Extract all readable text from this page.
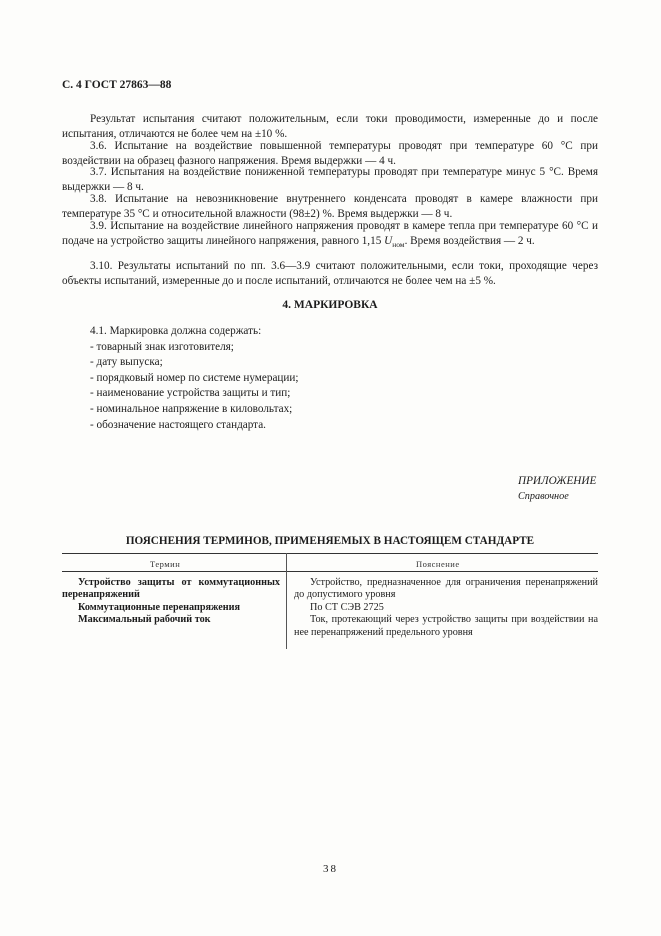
С. 4 ГОСТ 27863—88

Результат испытания считают положительным, если токи проводимости, измеренные до и после испытания, отличаются не более чем на ±10 %.

3.6. Испытание на воздействие повышенной температуры проводят при температуре 60 °С при воздействии на образец фазного напряжения. Время выдержки — 4 ч.

3.7. Испытания на воздействие пониженной температуры проводят при температуре минус 5 °С. Время выдержки — 8 ч.

3.8. Испытание на невозникновение внутреннего конденсата проводят в камере влажности при температуре 35 °С и относительной влажности (98±2) %. Время выдержки — 8 ч.

3.9. Испытание на воздействие линейного напряжения проводят в камере тепла при температуре 60 °С и подаче на устройство защиты линейного напряжения, равного 1,15 $U_{ном}$. Время воздействия — 2 ч.

3.10. Результаты испытаний по пп. 3.6—3.9 считают положительными, если токи, проходящие через объекты испытаний, измеренные до и после испытаний, отличаются не более чем на ±5 %.

4. МАРКИРОВКА
4.1. Маркировка должна содержать:
- товарный знак изготовителя;
- дату выпуска;
- порядковый номер по системе нумерации;
- наименование устройства защиты и тип;
- номинальное напряжение в киловольтах;
- обозначение настоящего стандарта.
ПРИЛОЖЕНИЕ
Справочное
ПОЯСНЕНИЯ ТЕРМИНОВ, ПРИМЕНЯЕМЫХ В НАСТОЯЩЕМ СТАНДАРТЕ
Термин	Пояснение
Устройство защиты от коммутационных перенапряжений
Коммутационные перенапряжения
Максимальный рабочий ток
Устройство, предназначенное для ограничения перенапряжений до допустимого уровня
По СТ СЭВ 2725
Ток, протекающий через устройство защиты при воздействии на нее перенапряжений предельного уровня
38
